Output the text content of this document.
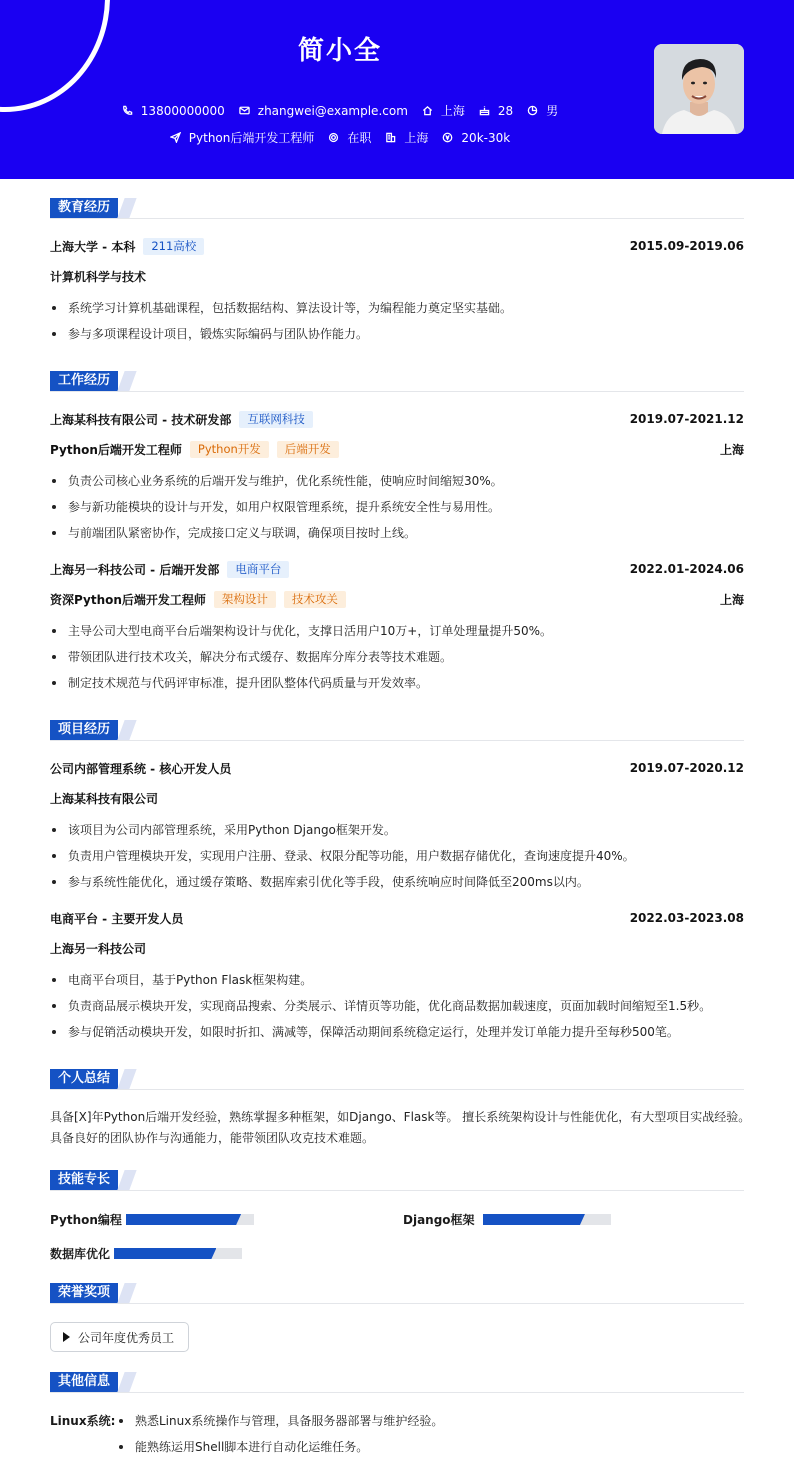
简小全
13800000000	zhangwei@example.com	上海	28	男
Python后端开发工程师	在职	上海	20k-30k
教育经历
上海大学 - 本科	211高校	2015.09-2019.06
计算机科学与技术
系统学习计算机基础课程，包括数据结构、算法设计等，为编程能力奠定坚实基础。
参与多项课程设计项目，锻炼实际编码与团队协作能力。
工作经历
上海某科技有限公司 - 技术研发部	互联网科技	2019.07-2021.12
Python后端开发工程师	Python开发	后端开发	上海
负责公司核心业务系统的后端开发与维护，优化系统性能，使响应时间缩短30%。
参与新功能模块的设计与开发，如用户权限管理系统，提升系统安全性与易用性。
与前端团队紧密协作，完成接口定义与联调，确保项目按时上线。
上海另一科技公司 - 后端开发部	电商平台	2022.01-2024.06
资深Python后端开发工程师	架构设计	技术攻关	上海
主导公司大型电商平台后端架构设计与优化，支撑日活用户10万+，订单处理量提升50%。
带领团队进行技术攻关，解决分布式缓存、数据库分库分表等技术难题。
制定技术规范与代码评审标准，提升团队整体代码质量与开发效率。
项目经历
公司内部管理系统 - 核心开发人员	2019.07-2020.12
上海某科技有限公司
该项目为公司内部管理系统，采用Python Django框架开发。
负责用户管理模块开发，实现用户注册、登录、权限分配等功能，用户数据存储优化，查询速度提升40%。
参与系统性能优化，通过缓存策略、数据库索引优化等手段，使系统响应时间降低至200ms以内。
电商平台 - 主要开发人员	2022.03-2023.08
上海另一科技公司
电商平台项目，基于Python Flask框架构建。
负责商品展示模块开发，实现商品搜索、分类展示、详情页等功能，优化商品数据加载速度，页面加载时间缩短至1.5秒。
参与促销活动模块开发，如限时折扣、满减等，保障活动期间系统稳定运行，处理并发订单能力提升至每秒500笔。
个人总结
具备[X]年Python后端开发经验，熟练掌握多种框架，如Django、Flask等。 擅长系统架构设计与性能优化，有大型项目实战经验。
具备良好的团队协作与沟通能力，能带领团队攻克技术难题。
技能专长
Python编程	Django框架
数据库优化
荣誉奖项
公司年度优秀员工
其他信息
Linux系统:	熟悉Linux系统操作与管理，具备服务器部署与维护经验。
能熟练运用Shell脚本进行自动化运维任务。
